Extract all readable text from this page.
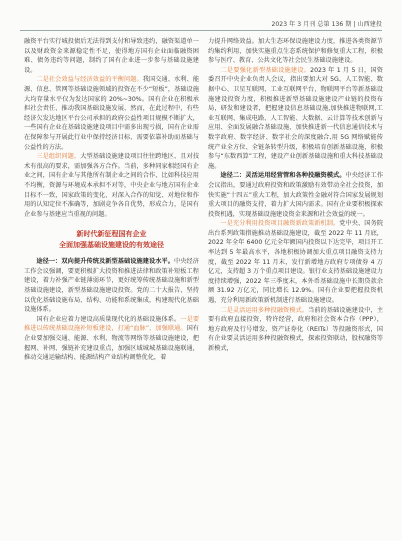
2023 年 3 月刊 总第 136 期 | 山西建投
融资平台实行城投债后无法得到支付和导致违约，融资渠道单一以及财政资金来源稳定性不足，使得地方国有企业面临融资困难、债务违约等问题，制约了国有企业进一步参与基础设施建设。
二是社会效益与经济效益的平衡问题。我国交通、水利、能源、信息、管网等基础设施领域的投资在不少“短板”，基础设施大均存量水平仅为发达国家的 20%~30%。国有企业在积极承担社会责任、推动我国基础设施发展、然而，在此过程中，有些经济欠发达地区平台公司承担的政府公益性项目规模不断扩大，一些国有企业在基础设施建设项目中需多出现亏损，国有企业需在保障参与开展此行业中保持经济目标、需要依靠补助而基础与公益性的方法。
三是组织问题。大型基础设施建设项目往往跨地区、且对技术有很高的要求，需加强各方合作。当前，多种同家相经国有企业之间，国有企业与其他所有制企业之间的合作、比如科技应用不均衡，资源与环境成本承担不对等，中央企业与地方国有企业目标不一致，国家政策的变化、对深入合作的知觉、对地位和作用的认知定位不准确等，加剧竞争各自优势，形成合力，是国有企业参与基建应当重视的问题。
新时代新征程国有企业
全面加强基础设施建设的有效途径
途径一：双向提升传统及新型基础设施建设水平。中央经济工作会议强调，要更积极扩大投资和推进法律和政策补短板工程建设，着力补强产业链薄弱环节，更好统筹传统基础设施和新型基础设施建设，新型基础设施建设投资。党的二十大报告，坚持以优化基础设施布局、结构、功能和系统集成，构建现代化基础设施体系。
国有企业应着力建设高质量现代化的基础设施体系。一是要推进以传统基础设施补短板建设，打通“血脉”，加强联通。国有企业要加强交通、能源、水利、物流等网络等基础设施建设，把握网、补网、强链补充建设重点，加强区域城城基础设施联通，推动交通运输结构、能源结构产业结构调整优化，着
力提升网络效益。加大生态环保设施建设力度，推进各类资源节约集约利用，加快实施重点生态系统保护和修复重大工程，积极参与医疗、教育、公共文化等社会民生基础设施建设。
二是要强化新型基础设施建设。2023 年 1 月 5 日，国资委召开中央企业负责人会议，指出要加大对 5G、人工智能、数据中心、卫星互联网、工业互联网平台、物联网平台等新基础设施建设投资力度，积极推进新型基础设施建设产业链的投资布局，研发和建设者，把握建设信息基础设施,加快推进物联网,工业互联网、集成电路、人工智能、大数据、云计算等技术创新与应用、全面发展融合基础设施，加快推进新一代信息通信技术与数字政府、数字经济、数字社会的深度融合,用 5G 网络赋能传统产业全方位、全链条转型升级，积极培育创新基础设施，积极参与“东数西算”工程，建设产业创新基础设施和重大科技基础设施。
途径二：灵活运用经营管和各种投融资模式。中央经济工作会议指出，要通过政府投资和政策激励有效带动全社会投资，加快实施“十四五”重大工程，加大政策性金融对符合国家发展规划重大项目的融资支持，着力扩大国内需求。国有企业要积极探索投资机遇，实现基础设施建设资金来源和社会效益的统一。
一是充分利用投资项目融资新政策新机制。党中央、国务院出台系列政策措施推动基础设施建设，截至 2022 年 11 月底，2022 年全年 6400 亿元全年额国内投资以下达完毕，项目开工率达到 5 年最高水平，各地积极协调加大重点项目融资支持力度，截至 2022 年 11 月末，发行新增地方政府专项债券 4 万亿元，支持超 3 万个重点项目建设。银行业支持基础设施建设力度持续增强，2022 年三季度末，本外币基础设施中长期贷款余额 31.92 万亿元，同比增长 12.9%。国有企业要把握投资机遇，充分利用新政策新机制进行基础设施建设。
二是灵活运用多种投融资模式。当前的基础设施建设中，主要有政府直接投资，特许经营，政府和社会资本合作（PPP），地方政府及行号增发、资产证券化（REITs）等投融资形式，国有企业要灵活运用多种投融资模式，探索投资联动，股权融资等新模式，
